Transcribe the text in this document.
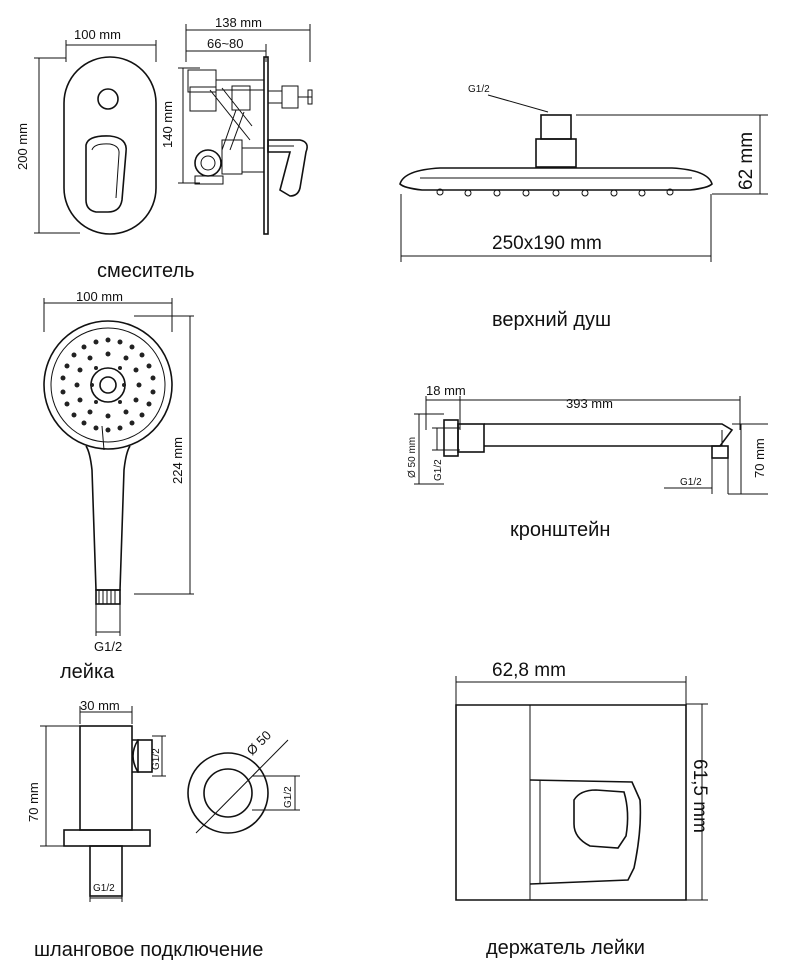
100 mm
200 mm
138 mm
66~80
140 mm
смеситель
G1/2
62 mm
250x190 mm
верхний душ
100 mm
224 mm
G1/2
лейка
18 mm
393 mm
Ø 50 mm G1/2	70 mm
G1/2
кронштейн
30 mm
70 mm
G1/2
G1/2
Ø 50
G1/2
шланговое подключение
62,8 mm
61,5 mm
держатель лейки
